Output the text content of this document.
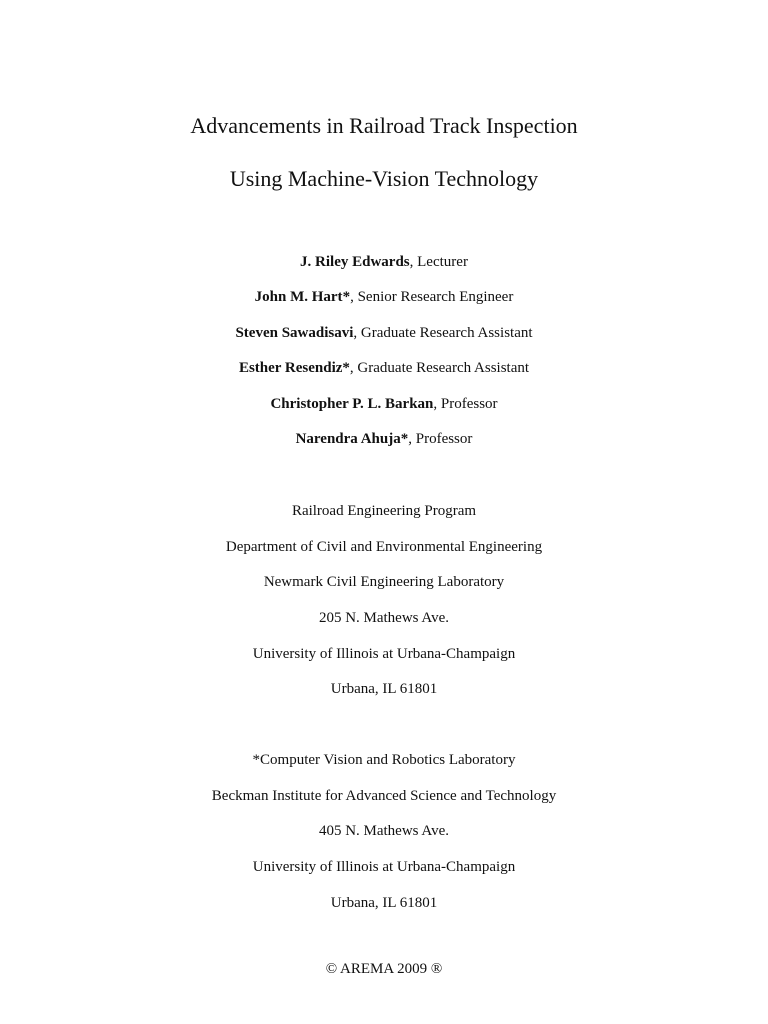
Advancements in Railroad Track Inspection
Using Machine-Vision Technology
J. Riley Edwards, Lecturer
John M. Hart*, Senior Research Engineer
Steven Sawadisavi, Graduate Research Assistant
Esther Resendiz*, Graduate Research Assistant
Christopher P. L. Barkan, Professor
Narendra Ahuja*, Professor
Railroad Engineering Program
Department of Civil and Environmental Engineering
Newmark Civil Engineering Laboratory
205 N. Mathews Ave.
University of Illinois at Urbana-Champaign
Urbana, IL 61801
*Computer Vision and Robotics Laboratory
Beckman Institute for Advanced Science and Technology
405 N. Mathews Ave.
University of Illinois at Urbana-Champaign
Urbana, IL 61801
© AREMA 2009 ®
